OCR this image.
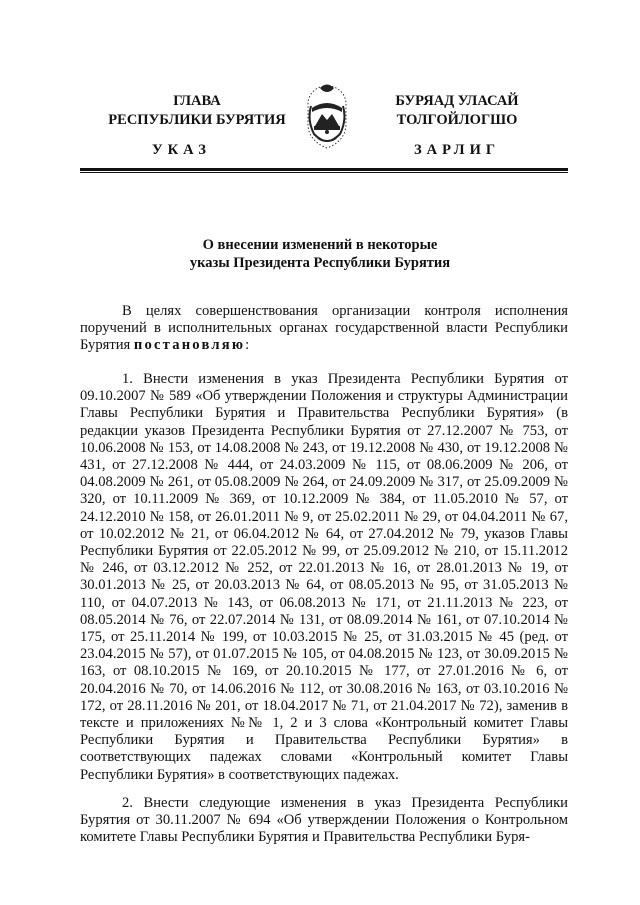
ГЛАВА
РЕСПУБЛИКИ БУРЯТИЯ
БУРЯАД УЛАСАЙ
ТОЛГОЙЛОГШО
УКАЗ	ЗАРЛИГ
О внесении изменений в некоторые
указы Президента Республики Бурятия
В целях совершенствования организации контроля исполнения поручений в исполнительных органах государственной власти Республики Бурятия постановляю:
1. Внести изменения в указ Президента Республики Бурятия от 09.10.2007 № 589 «Об утверждении Положения и структуры Администрации Главы Республики Бурятия и Правительства Республики Бурятия» (в редакции указов Президента Республики Бурятия от 27.12.2007 № 753, от 10.06.2008 № 153, от 14.08.2008 № 243, от 19.12.2008 № 430, от 19.12.2008 № 431, от 27.12.2008 № 444, от 24.03.2009 № 115, от 08.06.2009 № 206, от 04.08.2009 № 261, от 05.08.2009 № 264, от 24.09.2009 № 317, от 25.09.2009 № 320, от 10.11.2009 № 369, от 10.12.2009 № 384, от 11.05.2010 № 57, от 24.12.2010 № 158, от 26.01.2011 № 9, от 25.02.2011 № 29, от 04.04.2011 № 67, от 10.02.2012 № 21, от 06.04.2012 № 64, от 27.04.2012 № 79, указов Главы Республики Бурятия от 22.05.2012 № 99, от 25.09.2012 № 210, от 15.11.2012 № 246, от 03.12.2012 № 252, от 22.01.2013 № 16, от 28.01.2013 № 19, от 30.01.2013 № 25, от 20.03.2013 № 64, от 08.05.2013 № 95, от 31.05.2013 № 110, от 04.07.2013 № 143, от 06.08.2013 № 171, от 21.11.2013 № 223, от 08.05.2014 № 76, от 22.07.2014 № 131, от 08.09.2014 № 161, от 07.10.2014 № 175, от 25.11.2014 № 199, от 10.03.2015 № 25, от 31.03.2015 № 45 (ред. от 23.04.2015 № 57), от 01.07.2015 № 105, от 04.08.2015 № 123, от 30.09.2015 № 163, от 08.10.2015 № 169, от 20.10.2015 № 177, от 27.01.2016 № 6, от 20.04.2016 № 70, от 14.06.2016 № 112, от 30.08.2016 № 163, от 03.10.2016 № 172, от 28.11.2016 № 201, от 18.04.2017 № 71, от 21.04.2017 № 72), заменив в тексте и приложениях №№ 1, 2 и 3 слова «Контрольный комитет Главы Республики Бурятия и Правительства Республики Бурятия» в соответствующих падежах словами «Контрольный комитет Главы Республики Бурятия» в соответствующих падежах.
2. Внести следующие изменения в указ Президента Республики Бурятия от 30.11.2007 № 694 «Об утверждении Положения о Контрольном комитете Главы Республики Бурятия и Правительства Республики Буря-
